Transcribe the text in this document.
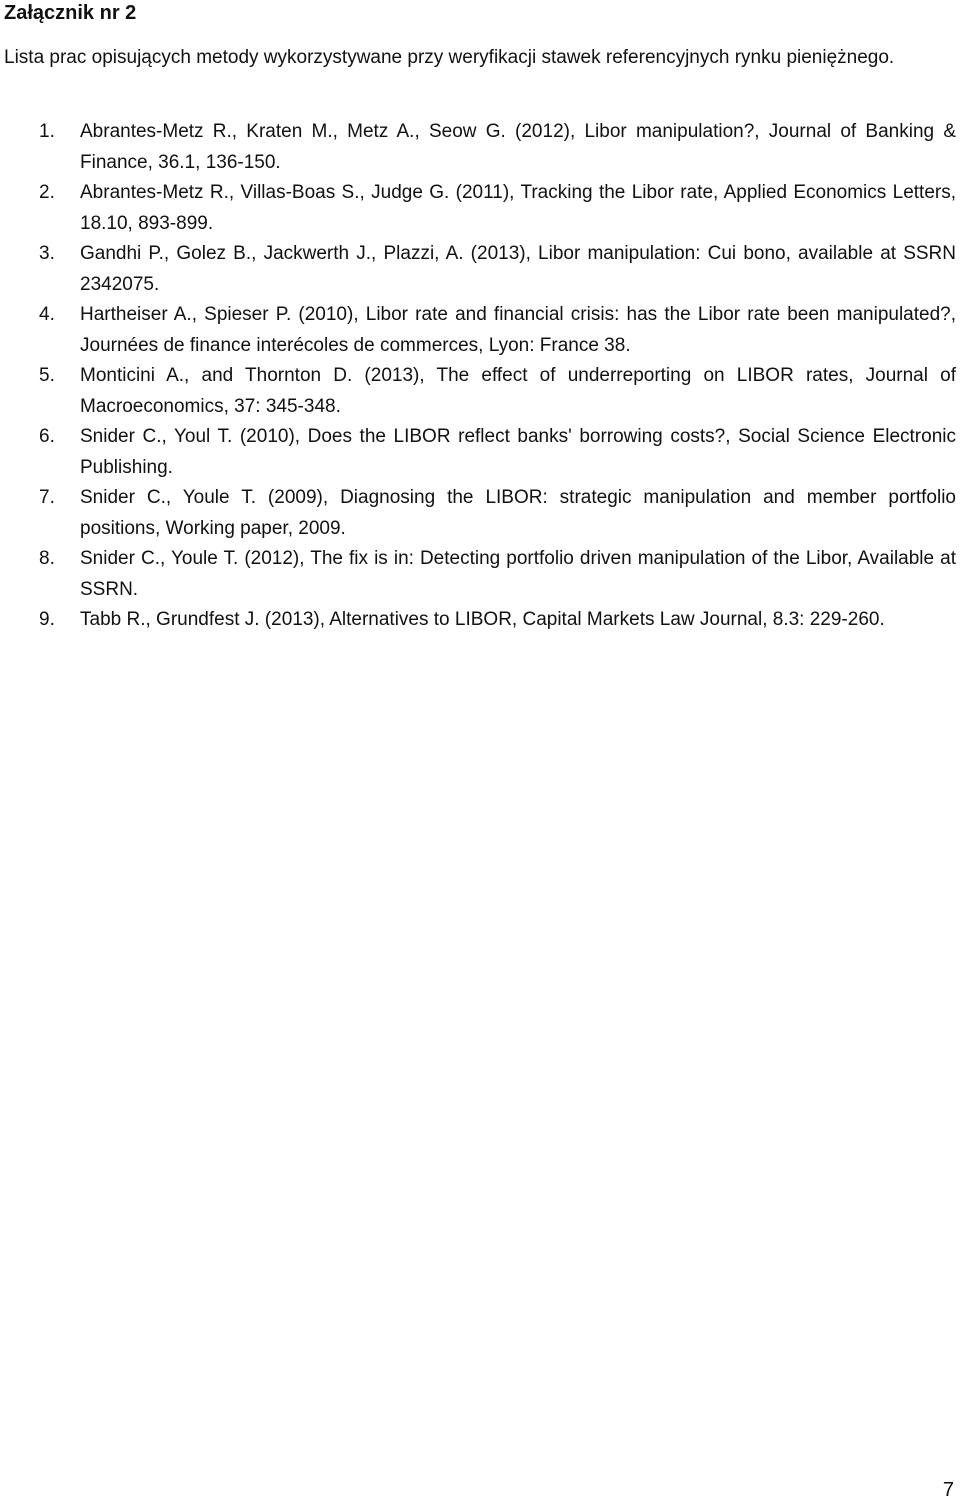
Załącznik nr 2

Lista prac opisujących metody wykorzystywane przy weryfikacji stawek referencyjnych rynku pieniężnego.

1.	Abrantes-Metz R., Kraten M., Metz A., Seow G. (2012), Libor manipulation?, Journal of Banking & Finance, 36.1, 136-150.
2.	Abrantes-Metz R., Villas-Boas S., Judge G. (2011), Tracking the Libor rate, Applied Economics Letters, 18.10, 893-899.
3.	Gandhi P., Golez B., Jackwerth J., Plazzi, A. (2013), Libor manipulation: Cui bono, available at SSRN 2342075.
4.	Hartheiser A., Spieser P. (2010), Libor rate and financial crisis: has the Libor rate been manipulated?, Journées de finance interécoles de commerces, Lyon: France 38.
5.	Monticini A., and Thornton D. (2013), The effect of underreporting on LIBOR rates, Journal of Macroeconomics, 37: 345-348.
6.	Snider C., Youl T. (2010), Does the LIBOR reflect banks' borrowing costs?, Social Science Electronic Publishing.
7.	Snider C., Youle T. (2009), Diagnosing the LIBOR: strategic manipulation and member portfolio positions, Working paper, 2009.
8.	Snider C., Youle T. (2012), The fix is in: Detecting portfolio driven manipulation of the Libor, Available at SSRN.
9.	Tabb R., Grundfest J. (2013), Alternatives to LIBOR, Capital Markets Law Journal, 8.3: 229-260.
7
